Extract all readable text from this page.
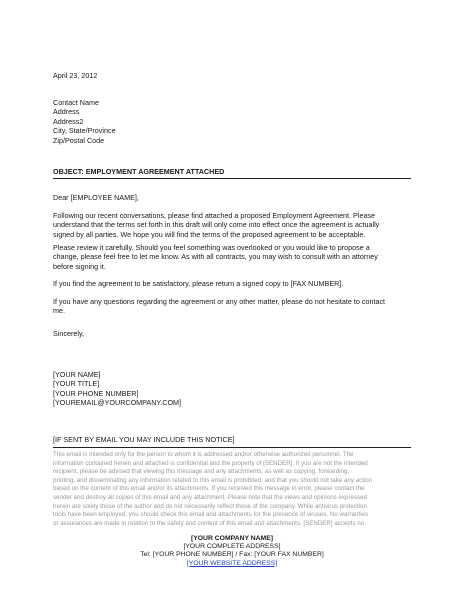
April 23, 2012
Contact Name
Address
Address2
City, State/Province
Zip/Postal Code
OBJECT: EMPLOYMENT AGREEMENT ATTACHED
Dear [EMPLOYEE NAME],
Following our recent conversations, please find attached a proposed Employment Agreement. Please
understand that the terms set forth in this draft will only come into effect once the agreement is actually
signed by all parties. We hope you will find the terms of the proposed agreement to be acceptable.
Please review it carefully. Should you feel something was overlooked or you would like to propose a
change, please feel free to let me know. As with all contracts, you may wish to consult with an attorney
before signing it.
If you find the agreement to be satisfactory, please return a signed copy to [FAX NUMBER].
If you have any questions regarding the agreement or any other matter, please do not hesitate to contact
me.
Sincerely,
[YOUR NAME]
[YOUR TITLE]
[YOUR PHONE NUMBER]
[YOUREMAIL@YOURCOMPANY.COM]
[IF SENT BY EMAIL YOU MAY INCLUDE THIS NOTICE]
This email is intended only for the person to whom it is addressed and/or otherwise authorized personnel. The
information contained herein and attached is confidential and the property of [SENDER]. If you are not the intended
recipient, please be advised that viewing this message and any attachments, as well as copying, forwarding,
printing, and disseminating any information related to this email is prohibited, and that you should not take any action
based on the content of this email and/or its attachments. If you received this message in error, please contact the
sender and destroy all copies of this email and any attachment. Please note that the views and opinions expressed
herein are solely those of the author and do not necessarily reflect those of the company. While antivirus protection
tools have been employed, you should check this email and attachments for the presence of viruses. No warranties
or assurances are made in relation to the safety and content of this email and attachments. [SENDER] accepts no
[YOUR COMPANY NAME]
[YOUR COMPLETE ADDRESS]
Tel: [YOUR PHONE NUMBER] / Fax: [YOUR FAX NUMBER]
[YOUR WEBSITE ADDRESS]
